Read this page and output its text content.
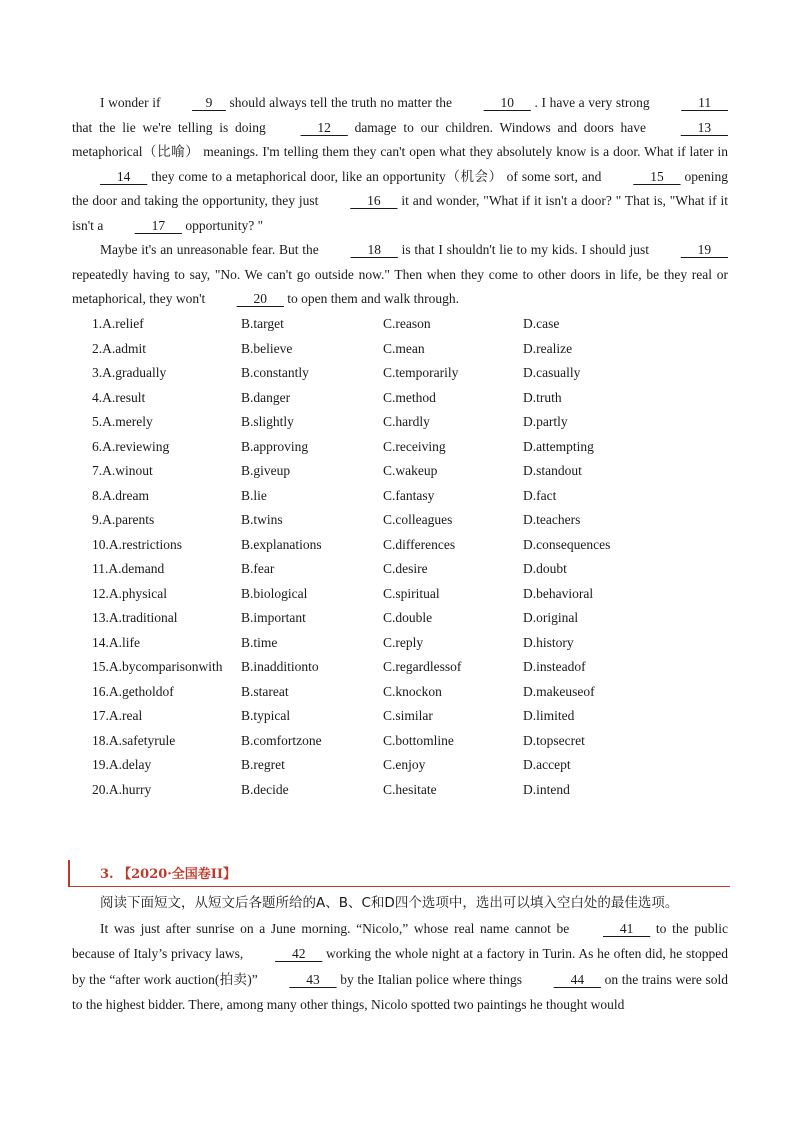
I wonder if     9     should always tell the truth no matter the      10      . I have a very strong      11      that the lie we're telling is doing      12      damage to our children. Windows and doors have      13      metaphorical（比喻） meanings. I'm telling them they can't open what they absolutely know is a door. What if later in      14      they come to a metaphorical door, like an opportunity（机会） of some sort, and      15      opening the door and taking the opportunity, they just      16      it and wonder, "What if it isn't a door? " That is, "What if it isn't a      17      opportunity? "
Maybe it's an unreasonable fear. But the      18      is that I shouldn't lie to my kids. I should just      19      repeatedly having to say, "No. We can't go outside now." Then when they come to other doors in life, be they real or metaphorical, they won't      20      to open them and walk through.
1.A.relief	B.target	C.reason	D.case
2.A.admit	B.believe	C.mean	D.realize
3.A.gradually	B.constantly	C.temporarily	D.casually
4.A.result	B.danger	C.method	D.truth
5.A.merely	B.slightly	C.hardly	D.partly
6.A.reviewing	B.approving	C.receiving	D.attempting
7.A.winout	B.giveup	C.wakeup	D.standout
8.A.dream	B.lie	C.fantasy	D.fact
9.A.parents	B.twins	C.colleagues	D.teachers
10.A.restrictions	B.explanations	C.differences	D.consequences
11.A.demand	B.fear	C.desire	D.doubt
12.A.physical	B.biological	C.spiritual	D.behavioral
13.A.traditional	B.important	C.double	D.original
14.A.life	B.time	C.reply	D.history
15.A.bycomparisonwith B.inadditionto	C.regardlessof	D.insteadof
16.A.getholdof	B.stareat	C.knockon	D.makeuseof
17.A.real	B.typical	C.similar	D.limited
18.A.safetyrule	B.comfortzone	C.bottomline	D.topsecret
19.A.delay	B.regret	C.enjoy	D.accept
20.A.hurry	B.decide	C.hesitate	D.intend
3. 【2020·全国卷II】
阅读下面短文，从短文后各题所给的A、B、C和D四个选项中，选出可以填入空白处的最佳选项。
It was just after sunrise on a June morning. “Nicolo,” whose real name cannot be      41      to the public because of Italy’s privacy laws,      42      working the whole night at a factory in Turin. As he often did, he stopped by the “after work auction(拍卖)”      43      by the Italian police where things      44      on the trains were sold to the highest bidder. There, among many other things, Nicolo spotted two paintings he thought would
